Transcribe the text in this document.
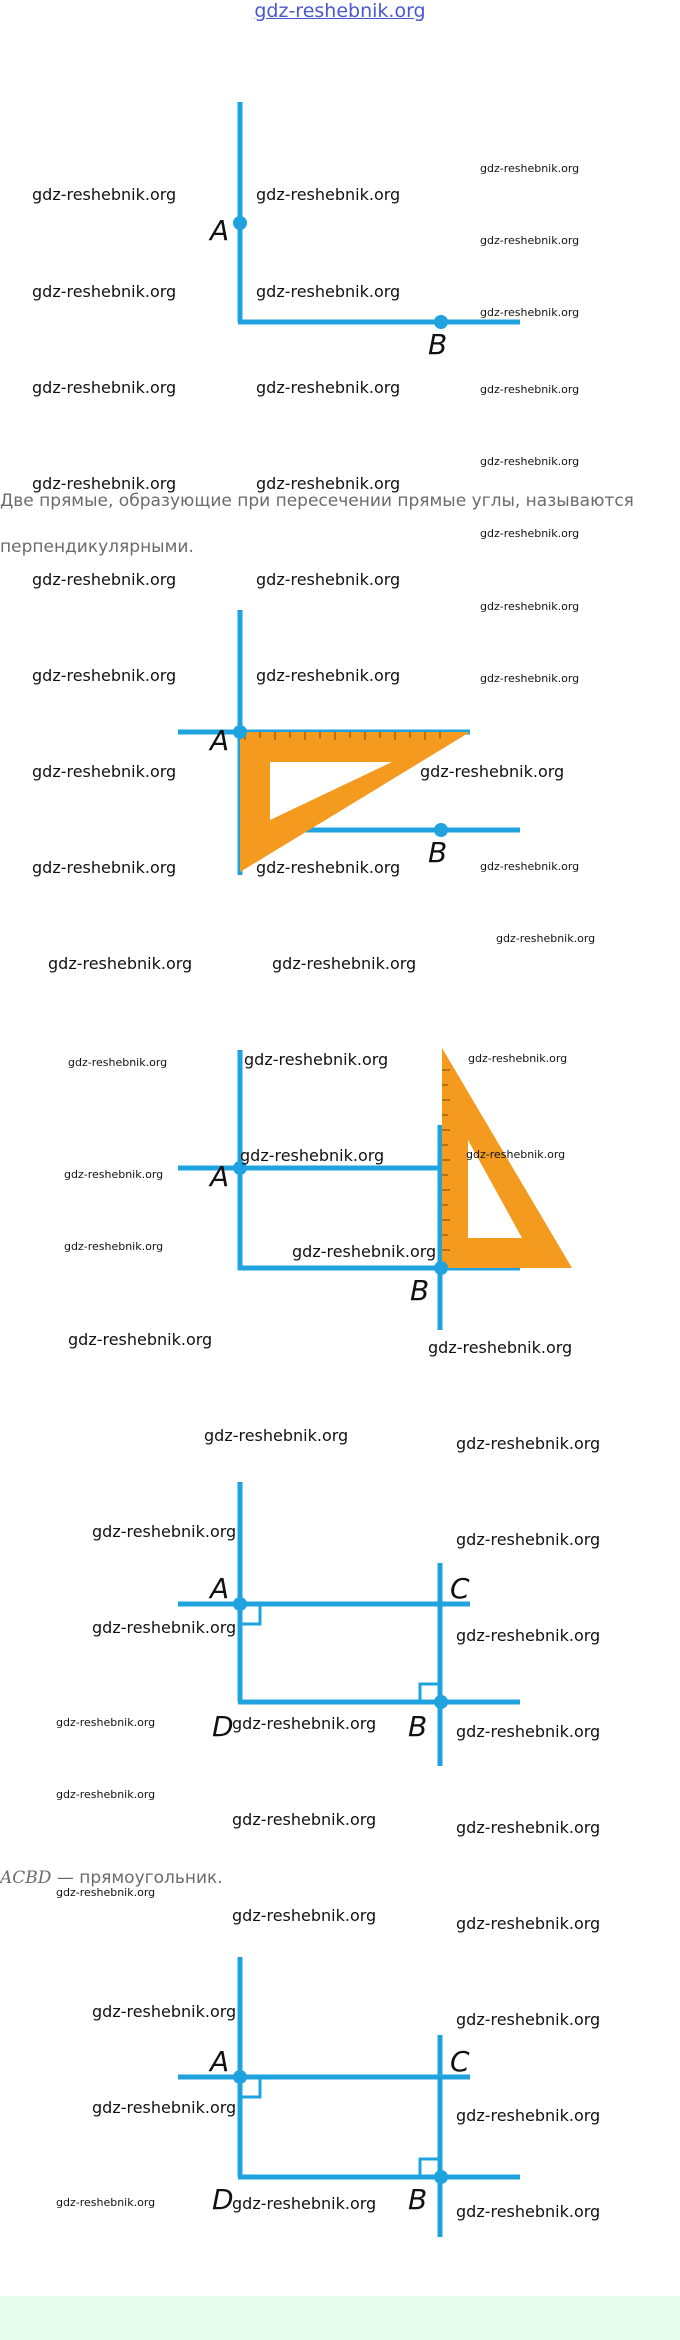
gdz-reshebnik.org
A
B
Две прямые, образующие при пересечении прямые углы, называются перпендикулярными.
A
B
A
B
A	C
D	B
ACBD — прямоугольник.
A	C
D	B
gdz-reshebnik.org	gdz-reshebnik.org
gdz-reshebnik.org
gdz-reshebnik.org
gdz-reshebnik.org	gdz-reshebnik.org
gdz-reshebnik.org
gdz-reshebnik.org	gdz-reshebnik.org	gdz-reshebnik.org
gdz-reshebnik.org
gdz-reshebnik.org	gdz-reshebnik.org
gdz-reshebnik.org
gdz-reshebnik.org	gdz-reshebnik.org
gdz-reshebnik.org
gdz-reshebnik.org	gdz-reshebnik.org	gdz-reshebnik.org
gdz-reshebnik.org	gdz-reshebnik.org
gdz-reshebnik.org	gdz-reshebnik.org	gdz-reshebnik.org
gdz-reshebnik.org
gdz-reshebnik.org	gdz-reshebnik.org
gdz-reshebnik.org	gdz-reshebnik.org	gdz-reshebnik.org
gdz-reshebnik.org
gdz-reshebnik.org	gdz-reshebnik.org
gdz-reshebnik.org	gdz-reshebnik.org
gdz-reshebnik.org	gdz-reshebnik.org
gdz-reshebnik.org	gdz-reshebnik.org
gdz-reshebnik.org	gdz-reshebnik.org
gdz-reshebnik.org	gdz-reshebnik.org
gdz-reshebnik.org	gdz-reshebnik.org	gdz-reshebnik.org
gdz-reshebnik.org
gdz-reshebnik.org	gdz-reshebnik.org
gdz-reshebnik.org
gdz-reshebnik.org	gdz-reshebnik.org
gdz-reshebnik.org	gdz-reshebnik.org
gdz-reshebnik.org	gdz-reshebnik.org
gdz-reshebnik.org	gdz-reshebnik.org	gdz-reshebnik.org
